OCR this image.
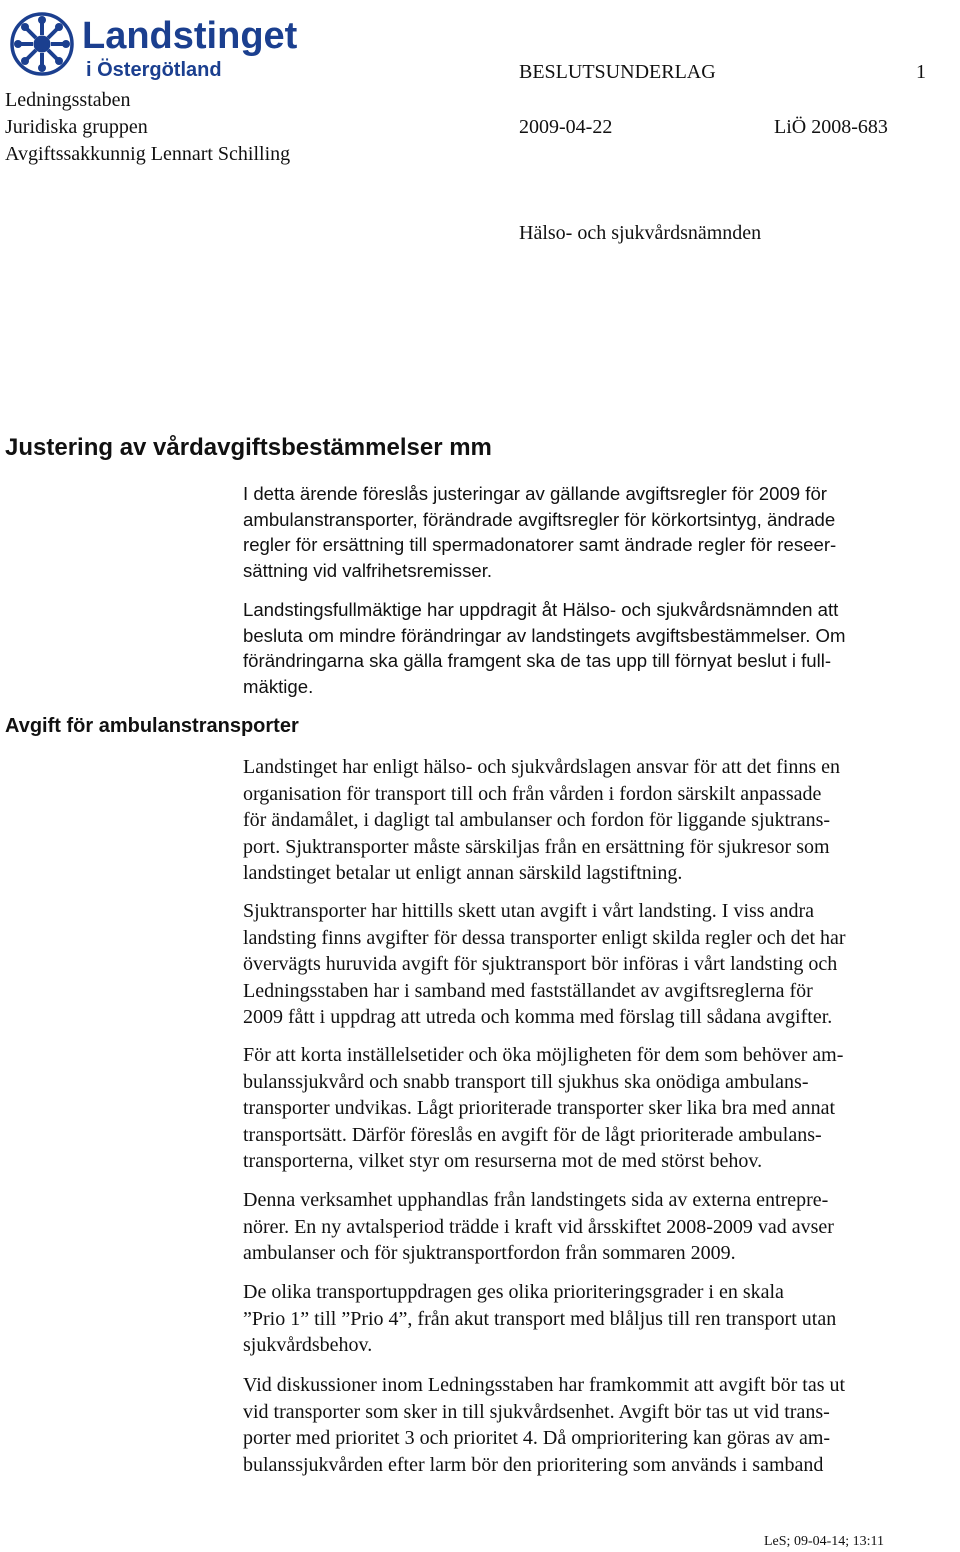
Landstinget
i Östergötland
Ledningsstaben
Juridiska gruppen
Avgiftssakkunnig Lennart Schilling
BESLUTSUNDERLAG	1
2009-04-22	LiÖ 2008-683
Hälso- och sjukvårdsnämnden
Justering av vårdavgiftsbestämmelser mm

I detta ärende föreslås justeringar av gällande avgiftsregler för 2009 för
ambulanstransporter, förändrade avgiftsregler för körkortsintyg, ändrade
regler för ersättning till spermadonatorer samt ändrade regler för reseer-
sättning vid valfrihetsremisser.

Landstingsfullmäktige har uppdragit åt Hälso- och sjukvårdsnämnden att
besluta om mindre förändringar av landstingets avgiftsbestämmelser. Om
förändringarna ska gälla framgent ska de tas upp till förnyat beslut i full-
mäktige.

Avgift för ambulanstransporter

Landstinget har enligt hälso- och sjukvårdslagen ansvar för att det finns en
organisation för transport till och från vården i fordon särskilt anpassade
för ändamålet, i dagligt tal ambulanser och fordon för liggande sjuktrans-
port. Sjuktransporter måste särskiljas från en ersättning för sjukresor som
landstinget betalar ut enligt annan särskild lagstiftning.

Sjuktransporter har hittills skett utan avgift i vårt landsting. I viss andra
landsting finns avgifter för dessa transporter enligt skilda regler och det har
övervägts huruvida avgift för sjuktransport bör införas i vårt landsting och
Ledningsstaben har i samband med fastställandet av avgiftsreglerna för
2009 fått i uppdrag att utreda och komma med förslag till sådana avgifter.

För att korta inställelsetider och öka möjligheten för dem som behöver am-
bulanssjukvård och snabb transport till sjukhus ska onödiga ambulans-
transporter undvikas. Lågt prioriterade transporter sker lika bra med annat
transportsätt. Därför föreslås en avgift för de lågt prioriterade ambulans-
transporterna, vilket styr om resurserna mot de med störst behov.

Denna verksamhet upphandlas från landstingets sida av externa entrepre-
nörer. En ny avtalsperiod trädde i kraft vid årsskiftet 2008-2009 vad avser
ambulanser och för sjuktransportfordon från sommaren 2009.

De olika transportuppdragen ges olika prioriteringsgrader i en skala
”Prio 1” till ”Prio 4”, från akut transport med blåljus till ren transport utan
sjukvårdsbehov.

Vid diskussioner inom Ledningsstaben har framkommit att avgift bör tas ut
vid transporter som sker in till sjukvårdsenhet. Avgift bör tas ut vid trans-
porter med prioritet 3 och prioritet 4. Då omprioritering kan göras av am-
bulanssjukvården efter larm bör den prioritering som används i samband

LeS; 09-04-14; 13:11
